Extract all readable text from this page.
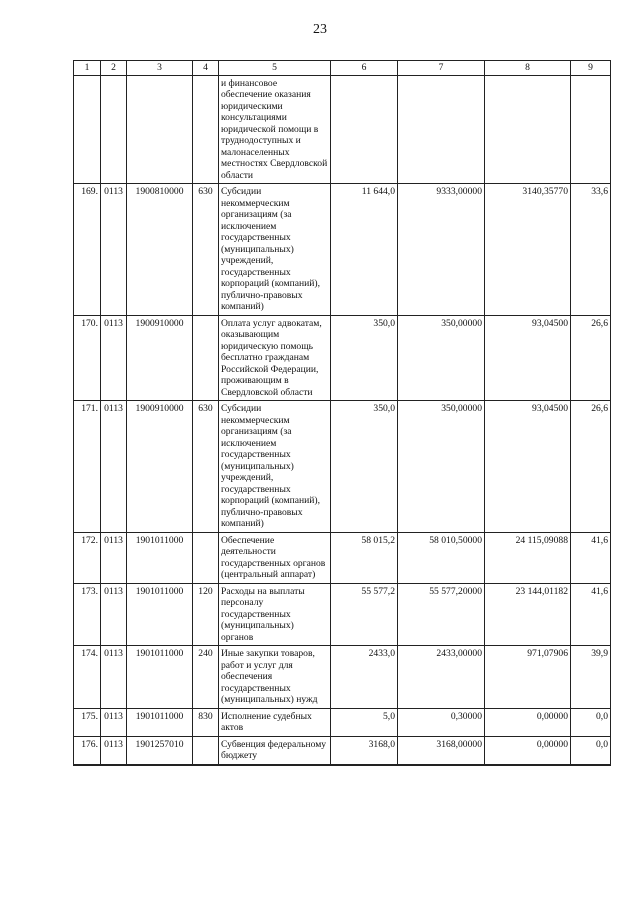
23
1	2	3	4	5	6	7	8	9
				и финансовое обеспечение оказания юридическими консультациями юридической помощи в труднодоступных и малонаселенных местностях Свердловской области				
169.	0113	1900810000	630	Субсидии некоммерческим организациям (за исключением государственных (муниципальных) учреждений, государственных корпораций (компаний), публично-правовых компаний)	11 644,0	9333,00000	3140,35770	33,6
170.	0113	1900910000		Оплата услуг адвокатам, оказывающим юридическую помощь бесплатно гражданам Российской Федерации, проживающим в Свердловской области	350,0	350,00000	93,04500	26,6
171.	0113	1900910000	630	Субсидии некоммерческим организациям (за исключением государственных (муниципальных) учреждений, государственных корпораций (компаний), публично-правовых компаний)	350,0	350,00000	93,04500	26,6
172.	0113	1901011000		Обеспечение деятельности государственных органов (центральный аппарат)	58 015,2	58 010,50000	24 115,09088	41,6
173.	0113	1901011000	120	Расходы на выплаты персоналу государственных (муниципальных) органов	55 577,2	55 577,20000	23 144,01182	41,6
174.	0113	1901011000	240	Иные закупки товаров, работ и услуг для обеспечения государственных (муниципальных) нужд	2433,0	2433,00000	971,07906	39,9
175.	0113	1901011000	830	Исполнение судебных актов	5,0	0,30000	0,00000	0,0
176.	0113	1901257010		Субвенция федеральному бюджету	3168,0	3168,00000	0,00000	0,0
